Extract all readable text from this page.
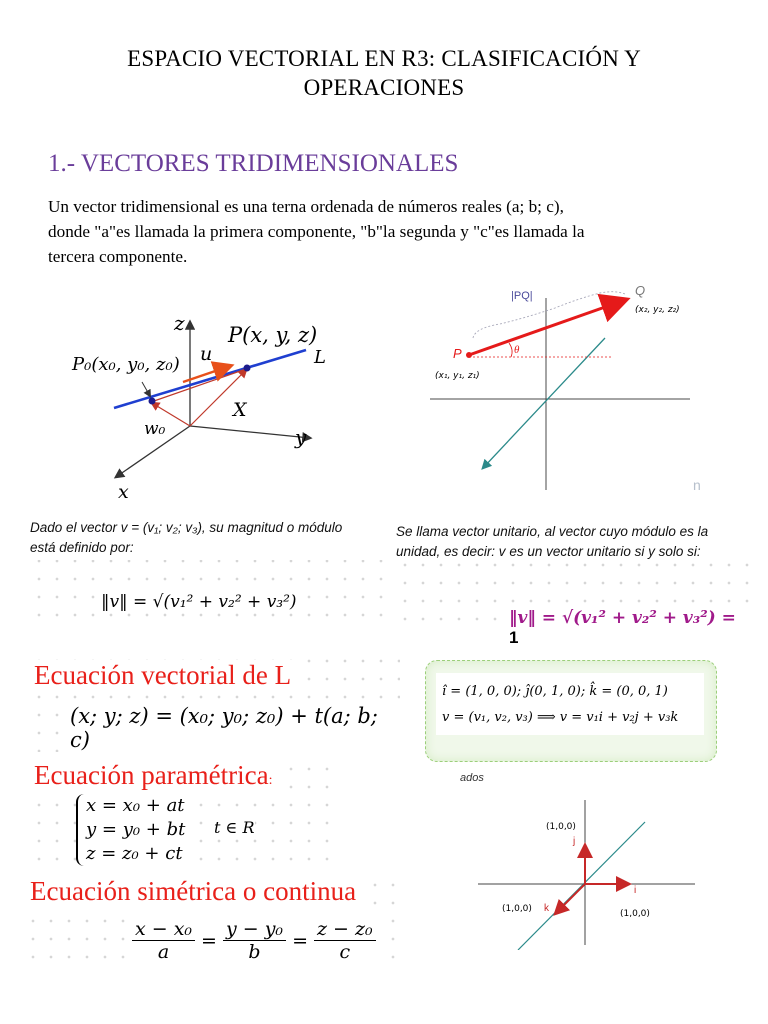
ESPACIO VECTORIAL EN R3: CLASIFICACIÓN Y
OPERACIONES
1.- VECTORES TRIDIMENSIONALES
Un vector tridimensional es una terna ordenada de números reales (a; b; c),
donde "a"es llamada la primera componente, "b"la segunda y "c"es llamada la
tercera componente.
z
y
x
L
P(x, y, z)
P₀(x₀, y₀, z₀) u
X
w₀
|PQ|	Q
(x₂, y₂, z₂)
P
(x₁, y₁, z₁)
θ
n
Dado el vector v = (v₁; v₂; v₃), su magnitud o módulo
está definido por:
‖v‖ = √(v₁² + v₂² + v₃²)
Se llama vector unitario, al vector cuyo módulo es la
unidad, es decir: v es un vector unitario si y solo si:
‖v‖ = √(v₁² + v₂² + v₃²) = 1
Ecuación vectorial de L
(x; y; z) = (x₀; y₀; z₀) + t(a; b; c)
î = (1, 0, 0); ĵ(0, 1, 0); k̂ = (0, 0, 1)
v = (v₁, v₂, v₃) ⟹ v = v₁i + v₂j + v₃k
ados
Ecuación paramétrica:
x = x₀ + at
y = y₀ + bt
z = z₀ + ct
t ∈ R	(1,0,0)
j
i
(1,0,0)
k
(1,0,0)
Ecuación simétrica o continua
$\frac{\text{x − x₀}}{a} = \frac{\text{y − y₀}}{b} = \frac{\text{z − z₀}}{c}$
